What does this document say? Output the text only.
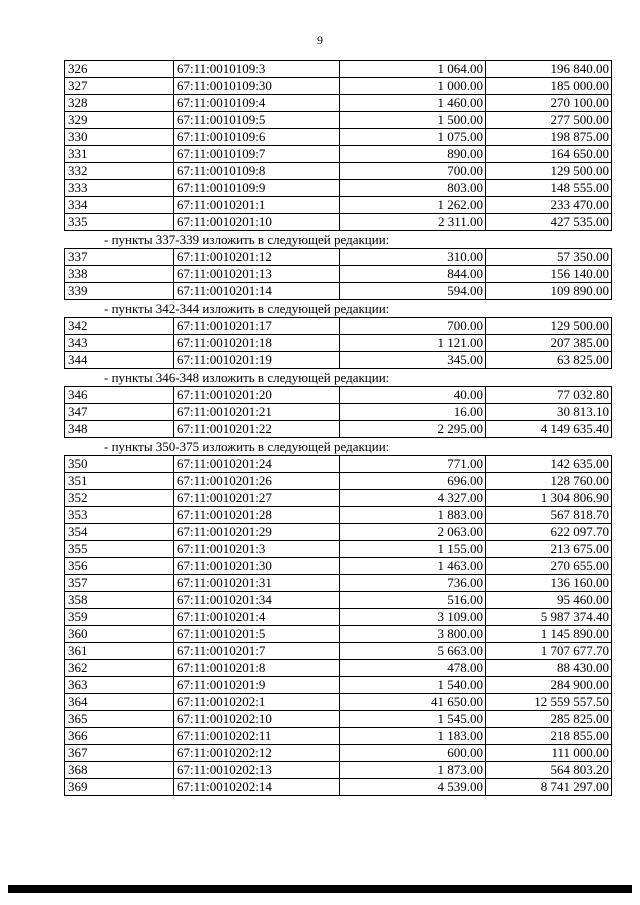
9
326	67:11:0010109:3	1 064.00	196 840.00
327	67:11:0010109:30	1 000.00	185 000.00
328	67:11:0010109:4	1 460.00	270 100.00
329	67:11:0010109:5	1 500.00	277 500.00
330	67:11:0010109:6	1 075.00	198 875.00
331	67:11:0010109:7	890.00	164 650.00
332	67:11:0010109:8	700.00	129 500.00
333	67:11:0010109:9	803.00	148 555.00
334	67:11:0010201:1	1 262.00	233 470.00
335	67:11:0010201:10	2 311.00	427 535.00
- пункты 337-339 изложить в следующей редакции:
337	67:11:0010201:12	310.00	57 350.00
338	67:11:0010201:13	844.00	156 140.00
339	67:11:0010201:14	594.00	109 890.00
- пункты 342-344 изложить в следующей редакции:
342	67:11:0010201:17	700.00	129 500.00
343	67:11:0010201:18	1 121.00	207 385.00
344	67:11:0010201:19	345.00	63 825.00
- пункты 346-348 изложить в следующей редакции:
346	67:11:0010201:20	40.00	77 032.80
347	67:11:0010201:21	16.00	30 813.10
348	67:11:0010201:22	2 295.00	4 149 635.40
- пункты 350-375 изложить в следующей редакции:
350	67:11:0010201:24	771.00	142 635.00
351	67:11:0010201:26	696.00	128 760.00
352	67:11:0010201:27	4 327.00	1 304 806.90
353	67:11:0010201:28	1 883.00	567 818.70
354	67:11:0010201:29	2 063.00	622 097.70
355	67:11:0010201:3	1 155.00	213 675.00
356	67:11:0010201:30	1 463.00	270 655.00
357	67:11:0010201:31	736.00	136 160.00
358	67:11:0010201:34	516.00	95 460.00
359	67:11:0010201:4	3 109.00	5 987 374.40
360	67:11:0010201:5	3 800.00	1 145 890.00
361	67:11:0010201:7	5 663.00	1 707 677.70
362	67:11:0010201:8	478.00	88 430.00
363	67:11:0010201:9	1 540.00	284 900.00
364	67:11:0010202:1	41 650.00	12 559 557.50
365	67:11:0010202:10	1 545.00	285 825.00
366	67:11:0010202:11	1 183.00	218 855.00
367	67:11:0010202:12	600.00	111 000.00
368	67:11:0010202:13	1 873.00	564 803.20
369	67:11:0010202:14	4 539.00	8 741 297.00
